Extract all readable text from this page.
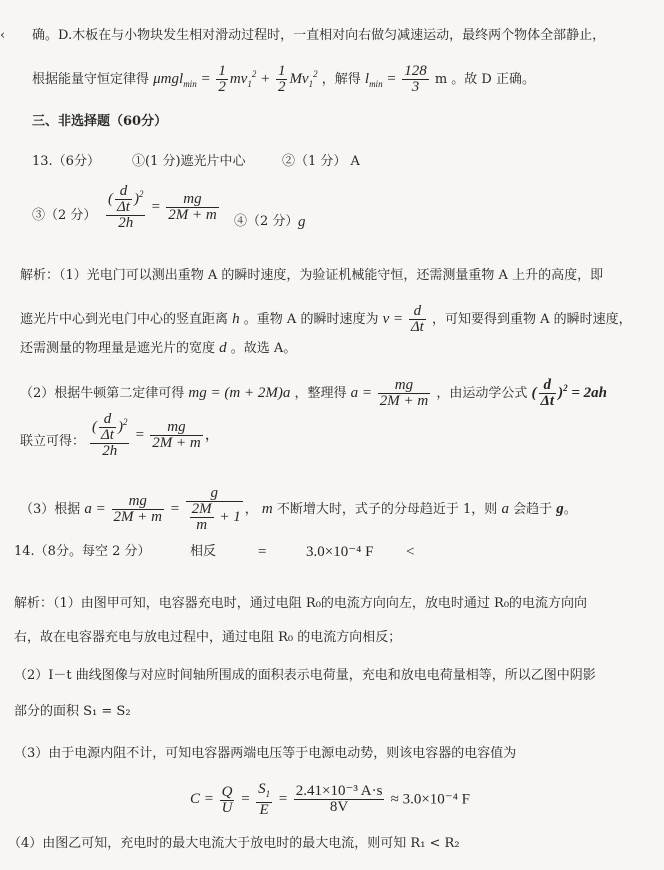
‹ 确。D.木板在与小物块发生相对滑动过程时，一直相对向右做匀减速运动，最终两个物体全部静止，
根据能量守恒定律得 $\mu mgl_{min} = \frac{1}{2} mv_1^2 + \frac{1}{2} Mv_1^2$ ，解得 $l_{min} = \frac{128}{3}$ m 。故 D 正确。
三、非选择题（60分）
13.（6分） ①(1 分)遮光片中心	②（1 分） A
③（2 分） $\frac{( \frac{d}{\Delta t} )^2}{2h} = \frac{mg}{2M + m}$ ④（2 分） g
解析：（1）光电门可以测出重物 A 的瞬时速度，为验证机械能守恒，还需测量重物 A 上升的高度，即
遮光片中心到光电门中心的竖直距离 h 。重物 A 的瞬时速度为 $v = \frac{d}{\Delta t}$ ，可知要得到重物 A 的瞬时速度，
还需测量的物理量是遮光片的宽度 d 。故选 A。
（2）根据牛顿第二定律可得 mg = (m + 2M)a ，整理得 $a = \frac{mg}{2M + m}$ ，由运动学公式 ( $\frac{d}{\Delta t} )^2 = 2ah$
联立可得： $\frac{( \frac{d}{\Delta t} )^2}{2h} = \frac{mg}{2M + m}$ ，
（3）根据 $a = \frac{mg}{2M + m} = \frac{g}{\frac{2M}{m} + 1}$ ， m 不断增大时，式子的分母趋近于 1，则 a 会趋于 g。
14.（8分。每空 2 分）	相反	=	3.0×10⁻⁴ F <
解析：（1）由图甲可知，电容器充电时，通过电阻 R₀的电流方向向左，放电时通过 R₀的电流方向向
右，故在电容器充电与放电过程中，通过电阻 R₀ 的电流方向相反；
（2）I－t 曲线图像与对应时间轴所围成的面积表示电荷量，充电和放电电荷量相等，所以乙图中阴影
部分的面积 S₁ = S₂
（3）由于电源内阻不计，可知电容器两端电压等于电源电动势，则该电容器的电容值为
$C = \frac{Q}{U} = \frac{S_1}{E} = \frac{\text{2.41×10⁻³ A·s}}{8V} \approx 3.0\times 10^{-4}$ F
（4）由图乙可知，充电时的最大电流大于放电时的最大电流，则可知 R₁ < R₂
